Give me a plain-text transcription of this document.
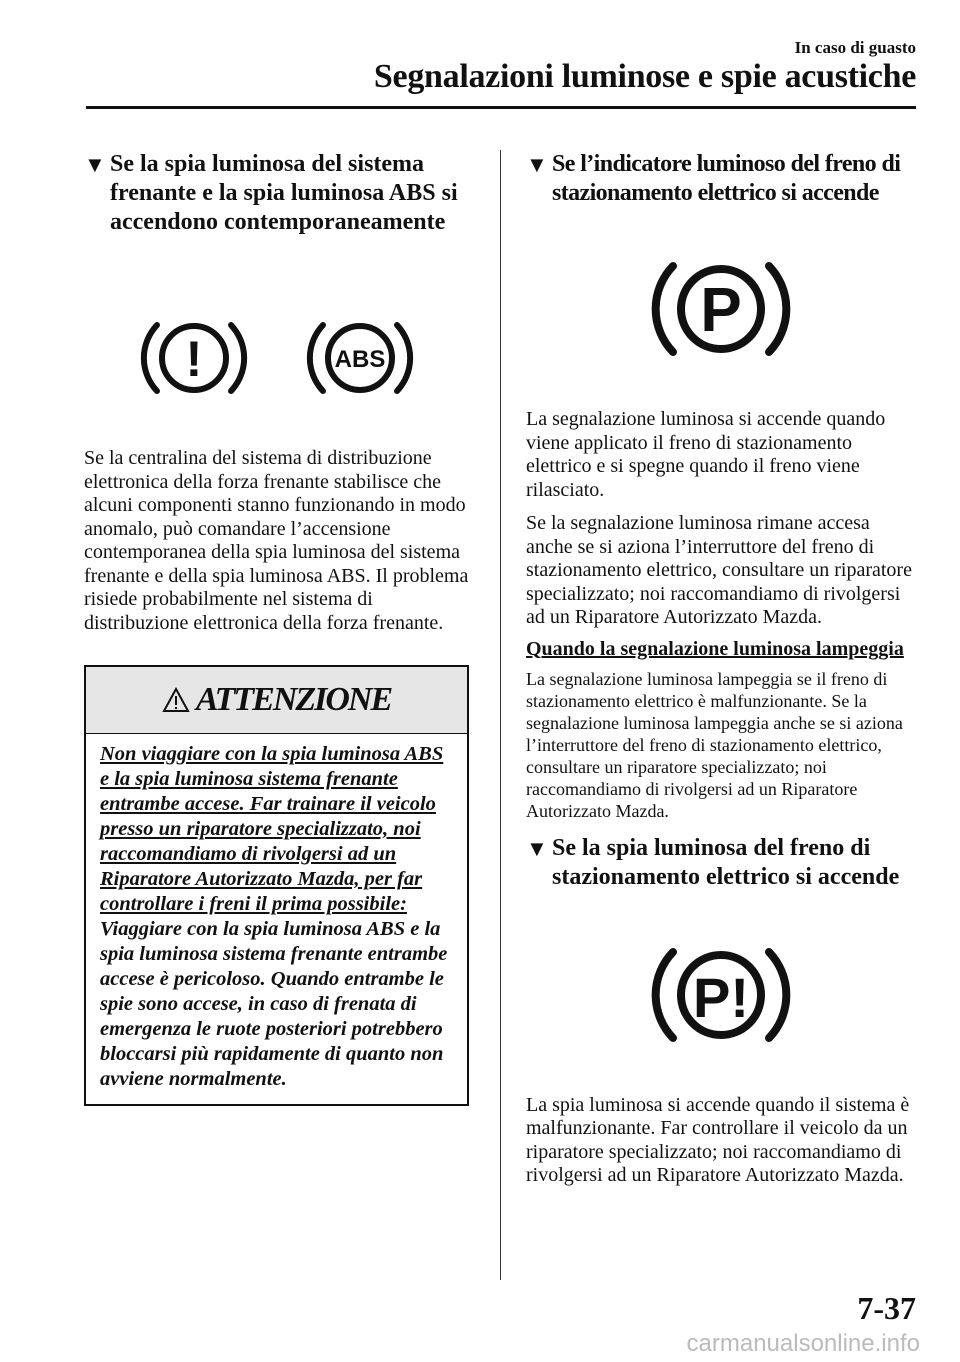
In caso di guasto
Segnalazioni luminose e spie acustiche
▼ Se la spia luminosa del sistema frenante e la spia luminosa ABS si accendono contemporaneamente
!	ABS

Se la centralina del sistema di distribuzione elettronica della forza frenante stabilisce che alcuni componenti stanno funzionando in modo anomalo, può comandare l’accensione contemporanea della spia luminosa del sistema frenante e della spia luminosa ABS. Il problema risiede probabilmente nel sistema di distribuzione elettronica della forza frenante.

ATTENZIONE
Non viaggiare con la spia luminosa ABS e la spia luminosa sistema frenante entrambe accese. Far trainare il veicolo presso un riparatore specializzato, noi raccomandiamo di rivolgersi ad un Riparatore Autorizzato Mazda, per far controllare i freni il prima possibile: Viaggiare con la spia luminosa ABS e la spia luminosa sistema frenante entrambe accese è pericoloso. Quando entrambe le spie sono accese, in caso di frenata di emergenza le ruote posteriori potrebbero bloccarsi più rapidamente di quanto non avviene normalmente.
▼ Se l’indicatore luminoso del freno di stazionamento elettrico si accende
P

La segnalazione luminosa si accende quando viene applicato il freno di stazionamento elettrico e si spegne quando il freno viene rilasciato.

Se la segnalazione luminosa rimane accesa anche se si aziona l’interruttore del freno di stazionamento elettrico, consultare un riparatore specializzato; noi raccomandiamo di rivolgersi ad un Riparatore Autorizzato Mazda.

Quando la segnalazione luminosa lampeggia

La segnalazione luminosa lampeggia se il freno di stazionamento elettrico è malfunzionante. Se la segnalazione luminosa lampeggia anche se si aziona l’interruttore del freno di stazionamento elettrico, consultare un riparatore specializzato; noi raccomandiamo di rivolgersi ad un Riparatore Autorizzato Mazda.

▼ Se la spia luminosa del freno di stazionamento elettrico si accende
P!

La spia luminosa si accende quando il sistema è malfunzionante. Far controllare il veicolo da un riparatore specializzato; noi raccomandiamo di rivolgersi ad un Riparatore Autorizzato Mazda.

7-37
carmanualsonline.info
